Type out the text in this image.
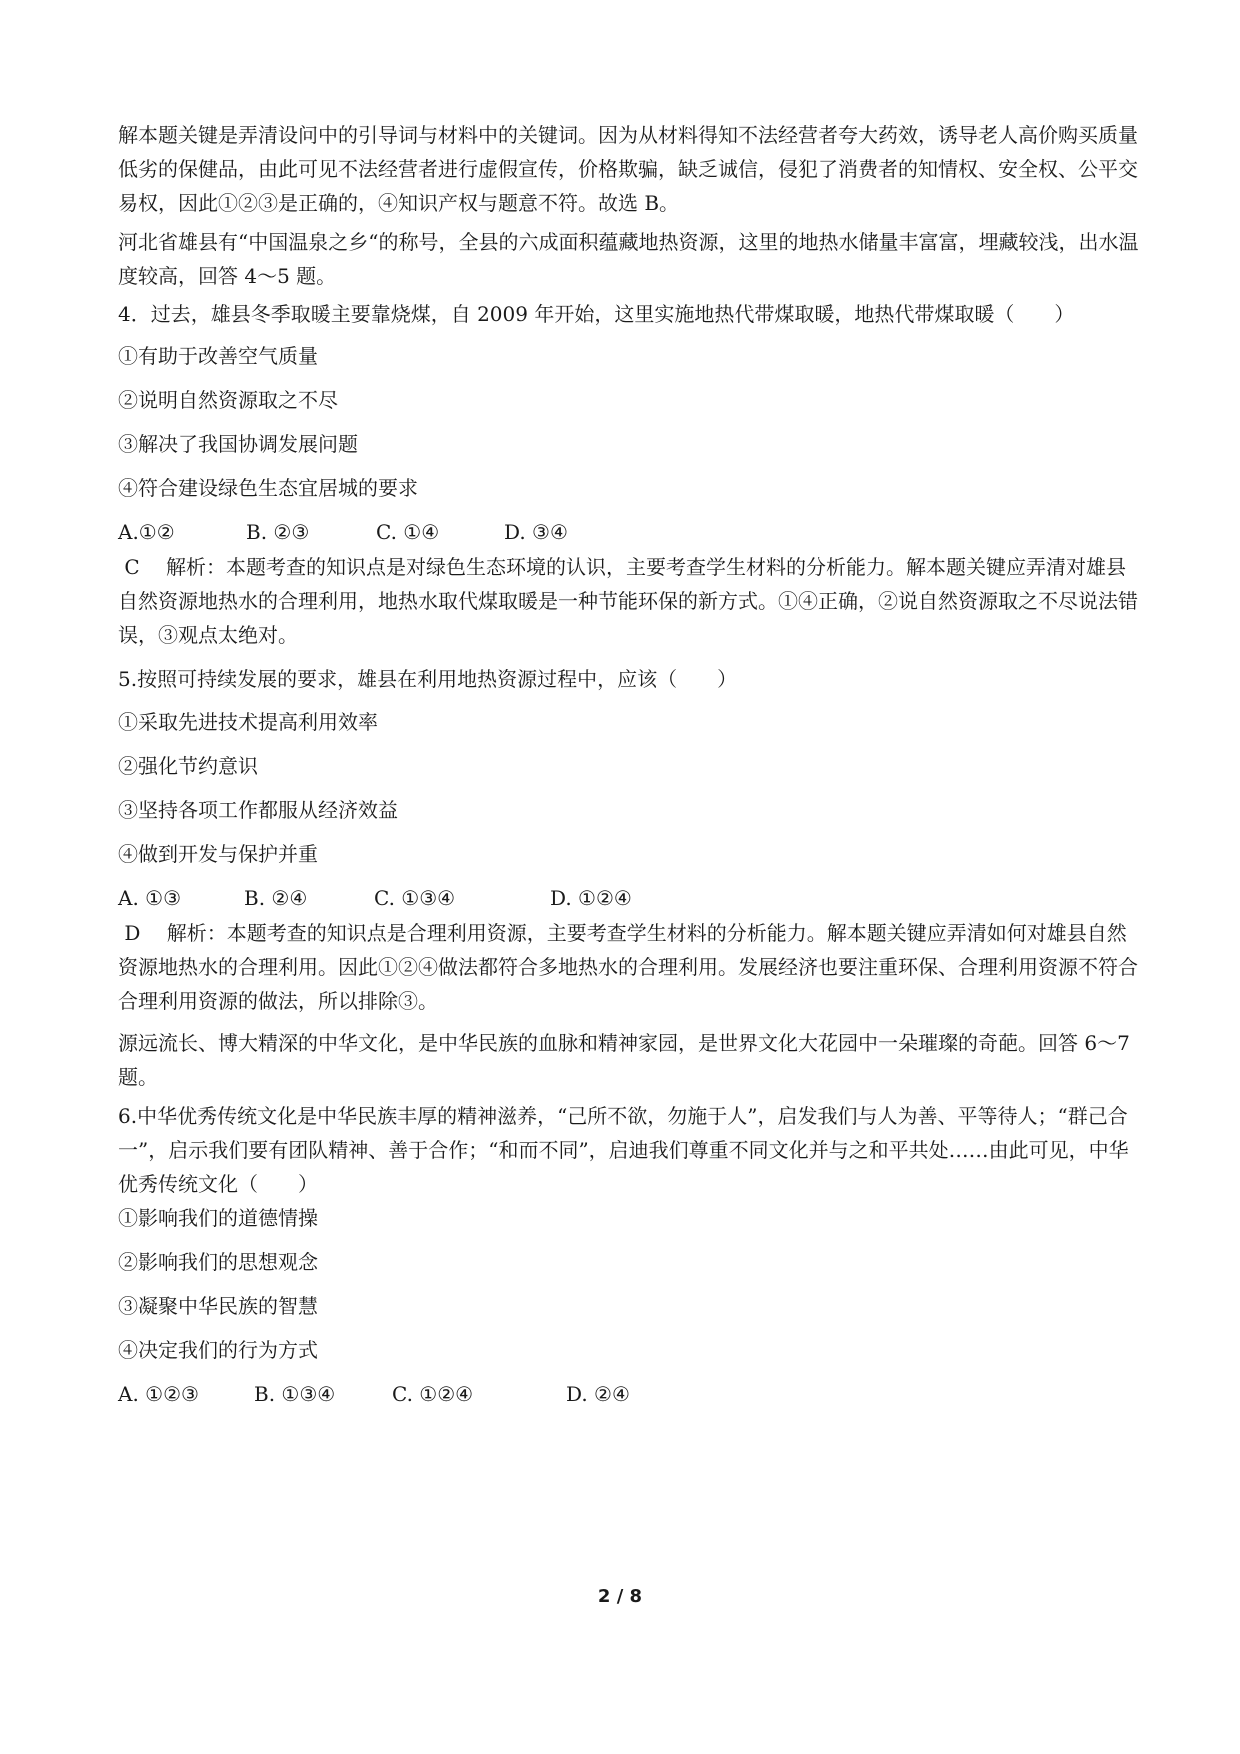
解本题关键是弄清设问中的引导词与材料中的关键词。因为从材料得知不法经营者夸大药效，诱导老人高价购买质量低劣的保健品，由此可见不法经营者进行虚假宣传，价格欺骗，缺乏诚信，侵犯了消费者的知情权、安全权、公平交易权，因此①②③是正确的，④知识产权与题意不符。故选 B。

河北省雄县有“中国温泉之乡“的称号，全县的六成面积蕴藏地热资源，这里的地热水储量丰富富，埋藏较浅，出水温度较高，回答 4～5 题。

4．过去，雄县冬季取暖主要靠烧煤，自 2009 年开始，这里实施地热代带煤取暖，地热代带煤取暖（　　）

①有助于改善空气质量

②说明自然资源取之不尽

③解决了我国协调发展问题

④符合建设绿色生态宜居城的要求

A.①②	B. ②③	C. ①④	D. ③④

C　 解析：本题考查的知识点是对绿色生态环境的认识，主要考查学生材料的分析能力。解本题关键应弄清对雄县自然资源地热水的合理利用，地热水取代煤取暖是一种节能环保的新方式。①④正确，②说自然资源取之不尽说法错误，③观点太绝对。

5.按照可持续发展的要求，雄县在利用地热资源过程中，应该（　　）

①采取先进技术提高利用效率

②强化节约意识

③坚持各项工作都服从经济效益

④做到开发与保护并重

A. ①③	B. ②④	C. ①③④	D. ①②④

D　 解析：本题考查的知识点是合理利用资源，主要考查学生材料的分析能力。解本题关键应弄清如何对雄县自然资源地热水的合理利用。因此①②④做法都符合多地热水的合理利用。发展经济也要注重环保、合理利用资源不符合合理利用资源的做法，所以排除③。

源远流长、博大精深的中华文化，是中华民族的血脉和精神家园，是世界文化大花园中一朵璀璨的奇葩。回答 6～7 题。

6.中华优秀传统文化是中华民族丰厚的精神滋养，“己所不欲，勿施于人”，启发我们与人为善、平等待人；“群己合一”，启示我们要有团队精神、善于合作；“和而不同”，启迪我们尊重不同文化并与之和平共处……由此可见，中华优秀传统文化（　　）

①影响我们的道德情操

②影响我们的思想观念

③凝聚中华民族的智慧

④决定我们的行为方式

A. ①②③	B. ①③④	C. ①②④	D. ②④
2 / 8
